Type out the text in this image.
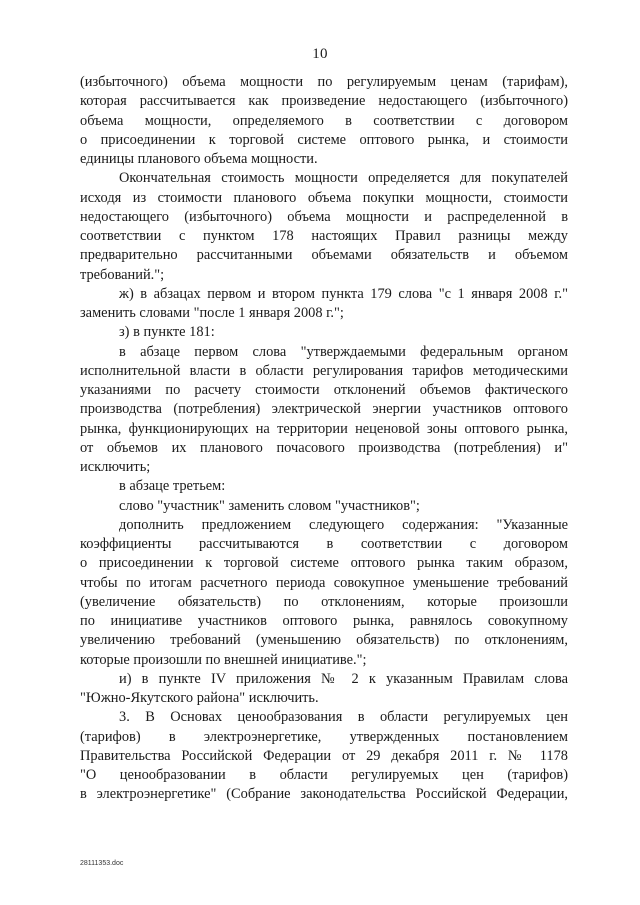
10
(избыточного) объема мощности по регулируемым ценам (тарифам),
которая рассчитывается как произведение недостающего (избыточного)
объема мощности, определяемого в соответствии с договором
о присоединении к торговой системе оптового рынка, и стоимости
единицы планового объема мощности.
Окончательная стоимость мощности определяется для покупателей
исходя из стоимости планового объема покупки мощности, стоимости
недостающего (избыточного) объема мощности и распределенной в
соответствии с пунктом 178 настоящих Правил разницы между
предварительно рассчитанными объемами обязательств и объемом
требований.";
ж) в абзацах первом и втором пункта 179 слова "с 1 января 2008 г."
заменить словами "после 1 января 2008 г.";
з) в пункте 181:
в абзаце первом слова "утверждаемыми федеральным органом
исполнительной власти в области регулирования тарифов методическими
указаниями по расчету стоимости отклонений объемов фактического
производства (потребления) электрической энергии участников оптового
рынка, функционирующих на территории неценовой зоны оптового рынка,
от объемов их планового почасового производства (потребления) и"
исключить;
в абзаце третьем:
слово "участник" заменить словом "участников";
дополнить предложением следующего содержания: "Указанные
коэффициенты рассчитываются в соответствии с договором
о присоединении к торговой системе оптового рынка таким образом,
чтобы по итогам расчетного периода совокупное уменьшение требований
(увеличение обязательств) по отклонениям, которые произошли
по инициативе участников оптового рынка, равнялось совокупному
увеличению требований (уменьшению обязательств) по отклонениям,
которые произошли по внешней инициативе.";
и) в пункте IV приложения № 2 к указанным Правилам слова
"Южно-Якутского района" исключить.
3. В Основах ценообразования в области регулируемых цен
(тарифов) в электроэнергетике, утвержденных постановлением
Правительства Российской Федерации от 29 декабря 2011 г. № 1178
"О ценообразовании в области регулируемых цен (тарифов)
в электроэнергетике" (Собрание законодательства Российской Федерации,
28111353.doc
